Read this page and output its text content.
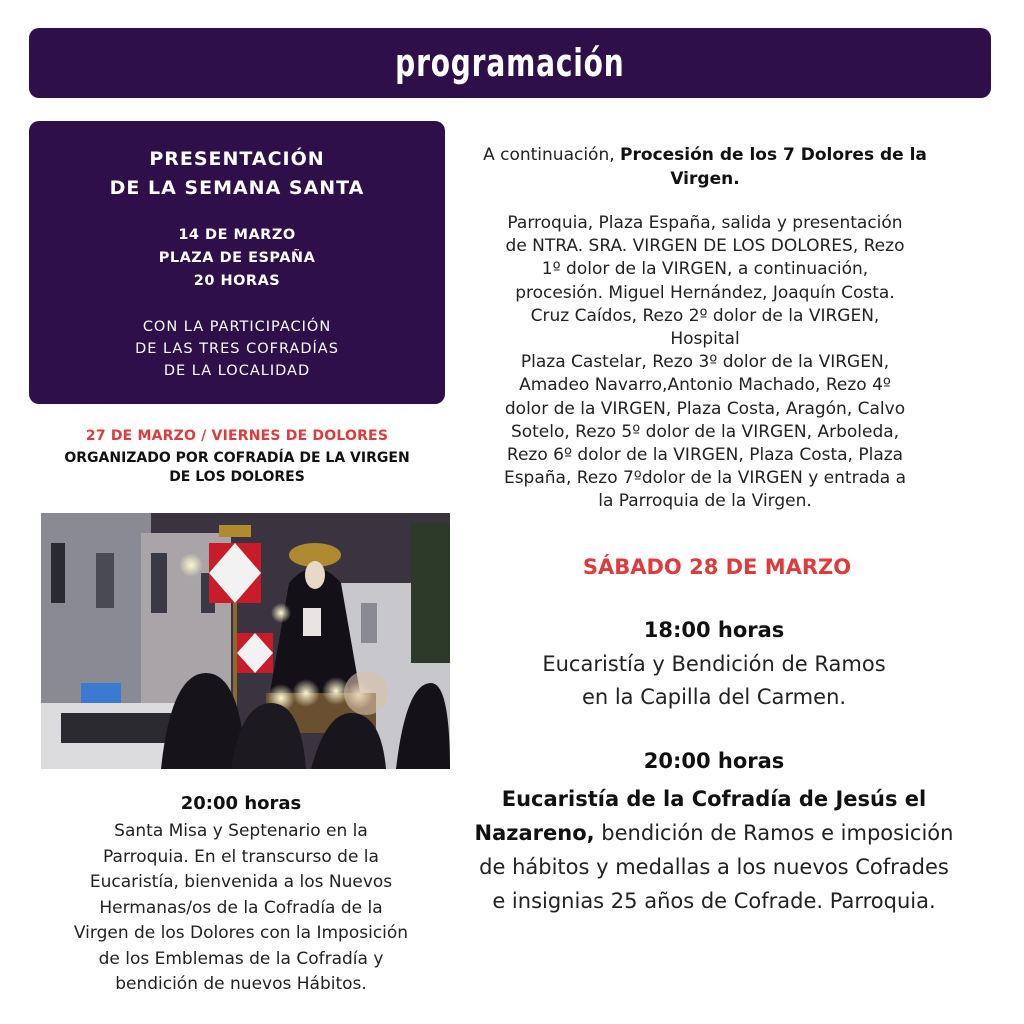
programación
PRESENTACIÓN
DE LA SEMANA SANTA
14 DE MARZO
PLAZA DE ESPAÑA
20 HORAS
CON LA PARTICIPACIÓN
DE LAS TRES COFRADÍAS
DE LA LOCALIDAD
27 DE MARZO / VIERNES DE DOLORES
ORGANIZADO POR COFRADÍA DE LA VIRGEN
DE LOS DOLORES
20:00 horas
Santa Misa y Septenario en la
Parroquia. En el transcurso de la
Eucaristía, bienvenida a los Nuevos
Hermanas/os de la Cofradía de la
Virgen de los Dolores con la Imposición
de los Emblemas de la Cofradía y
bendición de nuevos Hábitos.
A continuación, Procesión de los 7 Dolores de la Virgen.
Parroquia, Plaza España, salida y presentación
de NTRA. SRA. VIRGEN DE LOS DOLORES, Rezo
1º dolor de la VIRGEN, a continuación,
procesión. Miguel Hernández, Joaquín Costa.
Cruz Caídos, Rezo 2º dolor de la VIRGEN,
Hospital
Plaza Castelar, Rezo 3º dolor de la VIRGEN,
Amadeo Navarro,Antonio Machado, Rezo 4º
dolor de la VIRGEN, Plaza Costa, Aragón, Calvo
Sotelo, Rezo 5º dolor de la VIRGEN, Arboleda,
Rezo 6º dolor de la VIRGEN, Plaza Costa, Plaza
España, Rezo 7ºdolor de la VIRGEN y entrada a
la Parroquia de la Virgen.
SÁBADO 28 DE MARZO
18:00 horas
Eucaristía y Bendición de Ramos
en la Capilla del Carmen.
20:00 horas
Eucaristía de la Cofradía de Jesús el Nazareno, bendición de Ramos e imposición de hábitos y medallas a los nuevos Cofrades e insignias 25 años de Cofrade. Parroquia.
